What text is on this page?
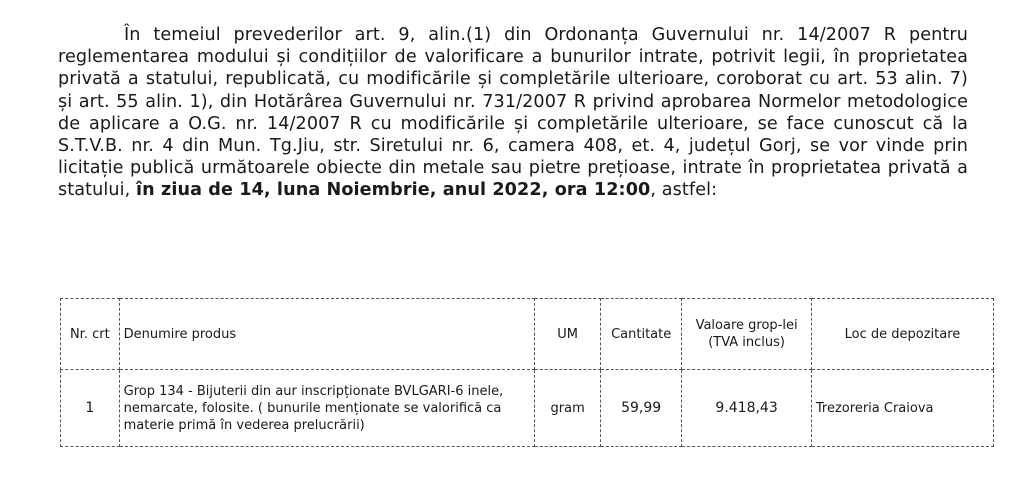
În temeiul prevederilor art. 9, alin.(1) din Ordonanța Guvernului nr. 14/2007 R pentru reglementarea modului și condițiilor de valorificare a bunurilor intrate, potrivit legii, în proprietatea privată a statului, republicată, cu modificările și completările ulterioare, coroborat cu art. 53 alin. 7) și art. 55 alin. 1), din Hotărârea Guvernului nr. 731/2007 R privind aprobarea Normelor metodologice de aplicare a O.G. nr. 14/2007 R cu modificările și completările ulterioare, se face cunoscut că la S.T.V.B. nr. 4 din Mun. Tg.Jiu, str. Siretului nr. 6, camera 408, et. 4, județul Gorj, se vor vinde prin licitație publică următoarele obiecte din metale sau pietre prețioase, intrate în proprietatea privată a statului, în ziua de 14, luna Noiembrie, anul 2022, ora 12:00, astfel:
Nr. crt	Denumire produs	UM	Cantitate	Valoare grop-lei (TVA inclus)	Loc de depozitare
1	Grop 134 - Bijuterii din aur inscripționate BVLGARI-6 inele, nemarcate, folosite. ( bunurile menționate se valorifică ca materie primă în vederea prelucrării)	gram	59,99	9.418,43	Trezoreria Craiova
